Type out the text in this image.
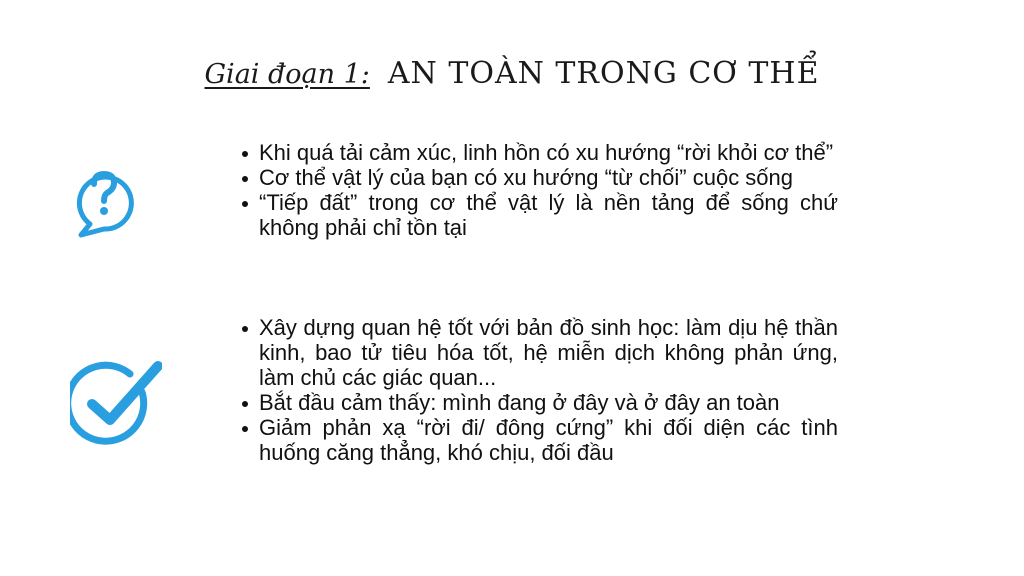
Giai đoạn 1: AN TOÀN TRONG CƠ THỂ
Khi quá tải cảm xúc, linh hồn có xu hướng “rời khỏi cơ thể”
Cơ thể vật lý của bạn có xu hướng “từ chối” cuộc sống
“Tiếp đất” trong cơ thể vật lý là nền tảng để sống chứ không phải chỉ tồn tại
Xây dựng quan hệ tốt với bản đồ sinh học: làm dịu hệ thần kinh, bao tử tiêu hóa tốt, hệ miễn dịch không phản ứng, làm chủ các giác quan...
Bắt đầu cảm thấy: mình đang ở đây và ở đây an toàn
Giảm phản xạ “rời đi/ đông cứng” khi đối diện các tình huống căng thẳng, khó chịu, đối đầu
